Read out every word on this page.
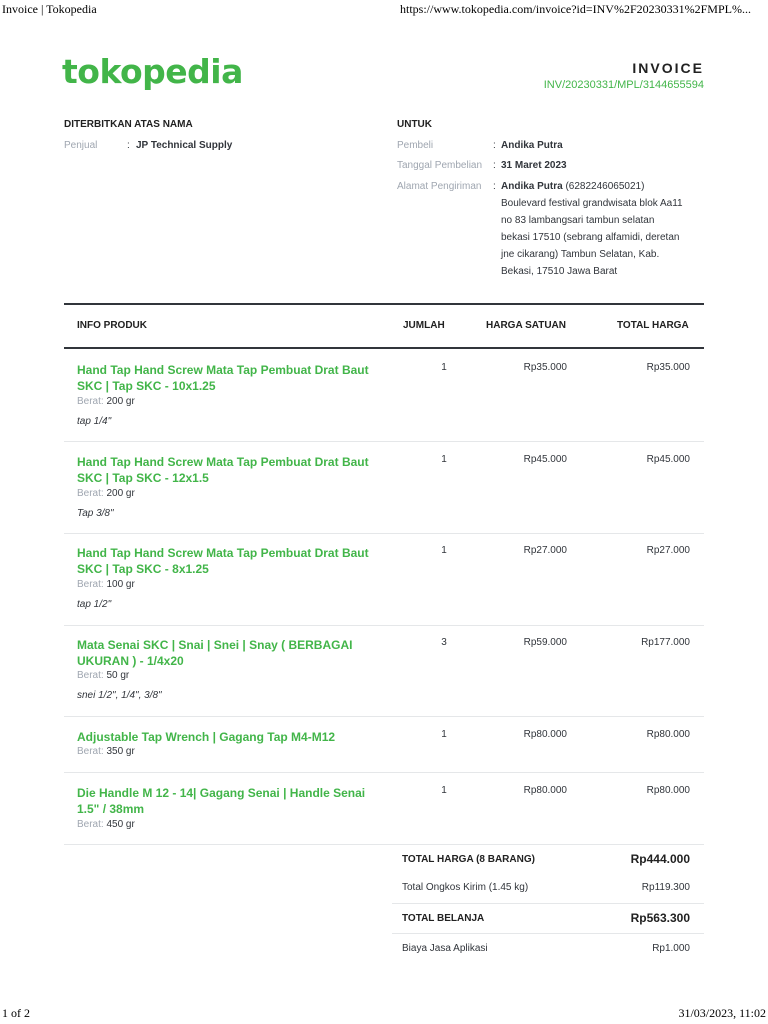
Invoice | Tokopedia	https://www.tokopedia.com/invoice?id=INV%2F20230331%2FMPL%...
tokopedia	INVOICE
INV/20230331/MPL/3144655594
DITERBITKAN ATAS NAMA
Penjual	: JP Technical Supply
UNTUK
Pembeli	: Andika Putra
Tanggal Pembelian : 31 Maret 2023
Alamat Pengiriman : Andika Putra (6282246065021)
Boulevard festival grandwisata blok Aa11
no 83 lambangsari tambun selatan
bekasi 17510 (sebrang alfamidi, deretan
jne cikarang) Tambun Selatan, Kab.
Bekasi, 17510 Jawa Barat
INFO PRODUK	JUMLAH	HARGA SATUAN	TOTAL HARGA
Hand Tap Hand Screw Mata Tap Pembuat Drat Baut
SKC | Tap SKC - 10x1.25
Berat: 200 gr
tap 1/4"
1	Rp35.000	Rp35.000
Hand Tap Hand Screw Mata Tap Pembuat Drat Baut
SKC | Tap SKC - 12x1.5
Berat: 200 gr
Tap 3/8"
1	Rp45.000	Rp45.000
Hand Tap Hand Screw Mata Tap Pembuat Drat Baut
SKC | Tap SKC - 8x1.25
Berat: 100 gr
tap 1/2"
1	Rp27.000	Rp27.000
Mata Senai SKC | Snai | Snei | Snay ( BERBAGAI
UKURAN ) - 1/4x20
Berat: 50 gr
snei 1/2", 1/4", 3/8"
3	Rp59.000	Rp177.000
Adjustable Tap Wrench | Gagang Tap M4-M12
Berat: 350 gr
1	Rp80.000	Rp80.000
Die Handle M 12 - 14| Gagang Senai | Handle Senai
1.5" / 38mm
Berat: 450 gr
1	Rp80.000	Rp80.000
TOTAL HARGA (8 BARANG)	Rp444.000
Total Ongkos Kirim (1.45 kg)	Rp119.300
TOTAL BELANJA	Rp563.300
Biaya Jasa Aplikasi	Rp1.000
1 of 2	31/03/2023, 11:02
